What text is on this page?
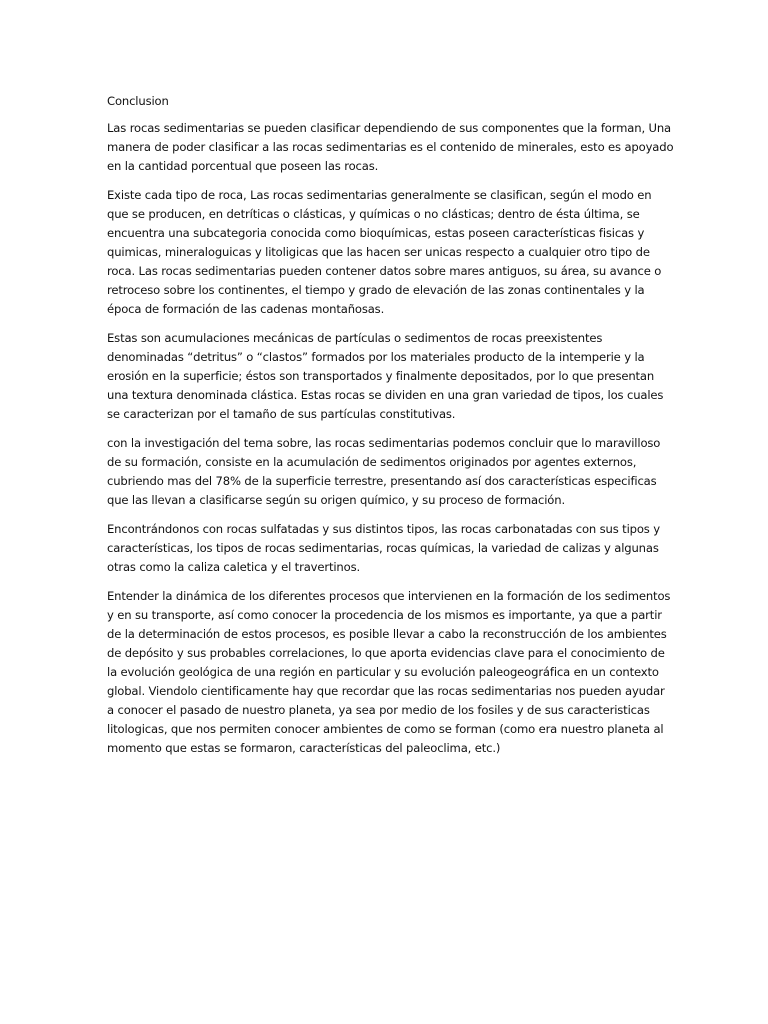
Conclusion

Las rocas sedimentarias se pueden clasificar dependiendo de sus componentes que la forman, Una manera de poder clasificar a las rocas sedimentarias es el contenido de minerales, esto es apoyado en la cantidad porcentual que poseen las rocas.

Existe cada tipo de roca, Las rocas sedimentarias generalmente se clasifican, según el modo en que se producen, en detríticas o clásticas, y químicas o no clásticas; dentro de ésta última, se encuentra una subcategoria conocida como bioquímicas, estas poseen características fisicas y quimicas, mineraloguicas y litoligicas que las hacen ser unicas respecto a cualquier otro tipo de roca. Las rocas sedimentarias pueden contener datos sobre mares antiguos, su área, su avance o retroceso sobre los continentes, el tiempo y grado de elevación de las zonas continentales y la época de formación de las cadenas montañosas.

Estas son acumulaciones mecánicas de partículas o sedimentos de rocas preexistentes denominadas “detritus” o “clastos” formados por los materiales producto de la intemperie y la erosión en la superficie; éstos son transportados y finalmente depositados, por lo que presentan una textura denominada clástica. Estas rocas se dividen en una gran variedad de tipos, los cuales se caracterizan por el tamaño de sus partículas constitutivas.

con la investigación del tema sobre, las rocas sedimentarias podemos concluir que lo maravilloso de su formación, consiste en la acumulación de sedimentos originados por agentes externos, cubriendo mas del 78% de la superficie terrestre, presentando así dos características especificas que las llevan a clasificarse según su origen químico, y su proceso de formación.

Encontrándonos con rocas sulfatadas y sus distintos tipos, las rocas carbonatadas con sus tipos y características, los tipos de rocas sedimentarias, rocas químicas, la variedad de calizas y algunas otras como la caliza caletica y el travertinos.

Entender la dinámica de los diferentes procesos que intervienen en la formación de los sedimentos y en su transporte, así como conocer la procedencia de los mismos es importante, ya que a partir de la determinación de estos procesos, es posible llevar a cabo la reconstrucción de los ambientes de depósito y sus probables correlaciones, lo que aporta evidencias clave para el conocimiento de la evolución geológica de una región en particular y su evolución paleogeográfica en un contexto global. Viendolo cientificamente hay que recordar que las rocas sedimentarias nos pueden ayudar a conocer el pasado de nuestro planeta, ya sea por medio de los fosiles y de sus caracteristicas litologicas, que nos permiten conocer ambientes de como se forman (como era nuestro planeta al momento que estas se formaron, características del paleoclima, etc.)
